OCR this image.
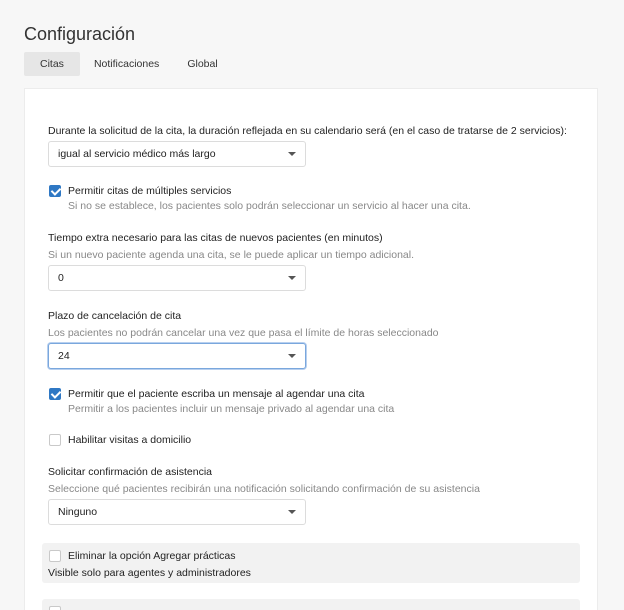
Configuración
Citas	Notificaciones	Global
Durante la solicitud de la cita, la duración reflejada en su calendario será (en el caso de tratarse de 2 servicios):
igual al servicio médico más largo
Permitir citas de múltiples servicios
Si no se establece, los pacientes solo podrán seleccionar un servicio al hacer una cita.
Tiempo extra necesario para las citas de nuevos pacientes (en minutos)
Si un nuevo paciente agenda una cita, se le puede aplicar un tiempo adicional.
0
Plazo de cancelación de cita
Los pacientes no podrán cancelar una vez que pasa el límite de horas seleccionado
24
Permitir que el paciente escriba un mensaje al agendar una cita
Permitir a los pacientes incluir un mensaje privado al agendar una cita
Habilitar visitas a domicilio
Solicitar confirmación de asistencia
Seleccione qué pacientes recibirán una notificación solicitando confirmación de su asistencia
Ninguno
Eliminar la opción Agregar prácticas
Visible solo para agentes y administradores
